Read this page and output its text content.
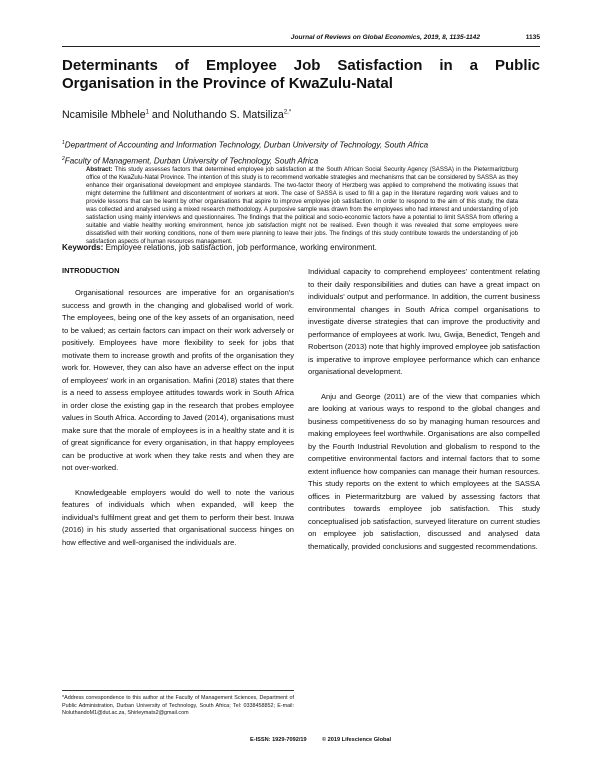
Journal of Reviews on Global Economics, 2019, 8, 1135-1142	1135
Determinants of Employee Job Satisfaction in a Public Organisation in the Province of KwaZulu-Natal
Ncamisile Mbhele$^1$ and Noluthando S. Matsiliza$^{2,*}$
$^1$Department of Accounting and Information Technology, Durban University of Technology, South Africa
$^2$Faculty of Management, Durban University of Technology, South Africa

Abstract: This study assesses factors that determined employee job satisfaction at the South African Social Security Agency (SASSA) in the Pietermaritzburg office of the KwaZulu-Natal Province. The intention of this study is to recommend workable strategies and mechanisms that can be considered by SASSA as they enhance their organisational development and employee standards. The two-factor theory of Herzberg was applied to comprehend the motivating issues that might determine the fulfillment and discontentment of workers at work. The case of SASSA is used to fill a gap in the literature regarding work values and to provide lessons that can be learnt by other organisations that aspire to improve employee job satisfaction. In order to respond to the aim of this study, the data was collected and analysed using a mixed research methodology. A purposive sample was drawn from the employees who had interest and understanding of job satisfaction using mainly interviews and questionnaires. The findings that the political and socio-economic factors have a potential to limit SASSA from offering a suitable and viable healthy working environment, hence job satisfaction might not be realised. Even though it was revealed that some employees were dissatisfied with their working conditions, none of them were planning to leave their jobs. The findings of this study contribute towards the understanding of job satisfaction aspects of human resources management.

Keywords: Employee relations, job satisfaction, job performance, working environment.
INTRODUCTION

Organisational resources are imperative for an organisation's success and growth in the changing and globalised world of work. The employees, being one of the key assets of an organisation, need to be valued; as certain factors can impact on their work adversely or positively. Employees have more flexibility to seek for jobs that motivate them to increase growth and profits of the organisation they work for. However, they can also have an adverse effect on the input of employees' work in an organisation. Mafini (2018) states that there is a need to assess employee attitudes towards work in South Africa in order close the existing gap in the research that probes employee values in South Africa. According to Javed (2014), organisations must make sure that the morale of employees is in a healthy state and it is of great significance for every organisation, in that happy employees can be productive at work when they take rests and when they are not over-worked.

Knowledgeable employers would do well to note the various features of individuals which when expanded, will keep the individual's fulfilment great and get them to perform their best. Inuwa (2016) in his study asserted that organisational success hinges on how effective and well-organised the individuals are.

Individual capacity to comprehend employees' contentment relating to their daily responsibilities and duties can have a great impact on individuals' output and performance. In addition, the current business environmental changes in South Africa compel organisations to investigate diverse strategies that can improve the productivity and performance of employees at work. Iwu, Gwija, Benedict, Tengeh and Robertson (2013) note that highly improved employee job satisfaction is imperative to improve employee performance which can enhance organisational development.

Anju and George (2011) are of the view that companies which are looking at various ways to respond to the global changes and business competitiveness do so by managing human resources and making employees feel worthwhile. Organisations are also compelled by the Fourth Industrial Revolution and globalism to respond to the competitive environmental factors and internal factors that to some extent influence how companies can manage their human resources. This study reports on the extent to which employees at the SASSA offices in Pietermaritzburg are valued by assessing factors that contributes towards employee job satisfaction. This study conceptualised job satisfaction, surveyed literature on current studies on employee job satisfaction, discussed and analysed data thematically, provided conclusions and suggested recommendations.

*Address correspondence to this author at the Faculty of Management Sciences, Department of Public Administration, Durban University of Technology, South Africa; Tel: 0338458852; E-mail: NoluthandoM1@dut.ac.za, Shirleymats2@gmail.com

E-ISSN: 1929-7092/19	© 2019 Lifescience Global
